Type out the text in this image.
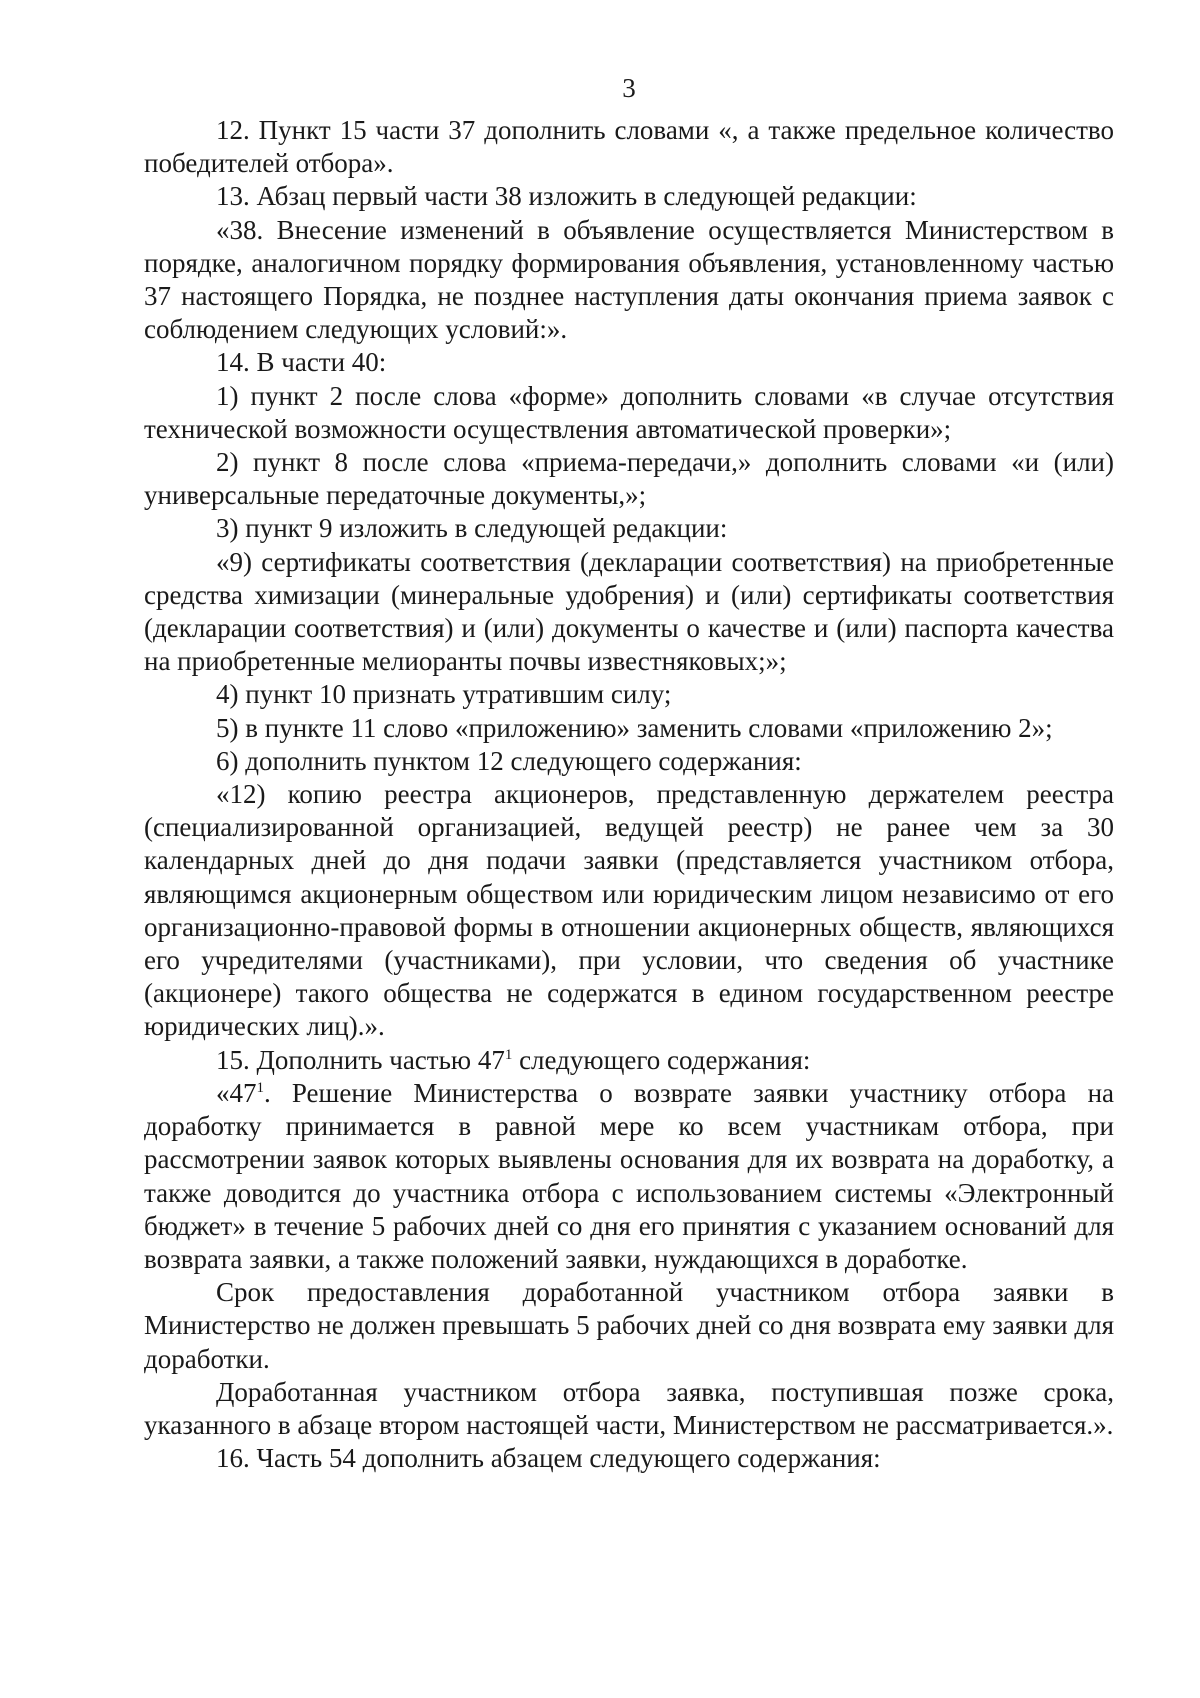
3

12. Пункт 15 части 37 дополнить словами «, а также предельное количество победителей отбора».

13. Абзац первый части 38 изложить в следующей редакции:

«38. Внесение изменений в объявление осуществляется Министерством в порядке, аналогичном порядку формирования объявления, установленному частью 37 настоящего Порядка, не позднее наступления даты окончания приема заявок с соблюдением следующих условий:».

14. В части 40:

1) пункт 2 после слова «форме» дополнить словами «в случае отсутствия технической возможности осуществления автоматической проверки»;

2) пункт 8 после слова «приема-передачи,» дополнить словами «и (или) универсальные передаточные документы,»;

3) пункт 9 изложить в следующей редакции:

«9) сертификаты соответствия (декларации соответствия) на приобретенные средства химизации (минеральные удобрения) и (или) сертификаты соответствия (декларации соответствия) и (или) документы о качестве и (или) паспорта качества на приобретенные мелиоранты почвы известняковых;»;

4) пункт 10 признать утратившим силу;

5) в пункте 11 слово «приложению» заменить словами «приложению 2»;

6) дополнить пунктом 12 следующего содержания:

«12) копию реестра акционеров, представленную держателем реестра (специализированной организацией, ведущей реестр) не ранее чем за 30 календарных дней до дня подачи заявки (представляется участником отбора, являющимся акционерным обществом или юридическим лицом независимо от его организационно-правовой формы в отношении акционерных обществ, являющихся его учредителями (участниками), при условии, что сведения об участнике (акционере) такого общества не содержатся в едином государственном реестре юридических лиц).».

15. Дополнить частью $47^1$ следующего содержания:

«$47^1$. Решение Министерства о возврате заявки участнику отбора на доработку принимается в равной мере ко всем участникам отбора, при рассмотрении заявок которых выявлены основания для их возврата на доработку, а также доводится до участника отбора с использованием системы «Электронный бюджет» в течение 5 рабочих дней со дня его принятия с указанием оснований для возврата заявки, а также положений заявки, нуждающихся в доработке.

Срок предоставления доработанной участником отбора заявки в Министерство не должен превышать 5 рабочих дней со дня возврата ему заявки для доработки.

Доработанная участником отбора заявка, поступившая позже срока, указанного в абзаце втором настоящей части, Министерством не рассматривается.».

16. Часть 54 дополнить абзацем следующего содержания:
